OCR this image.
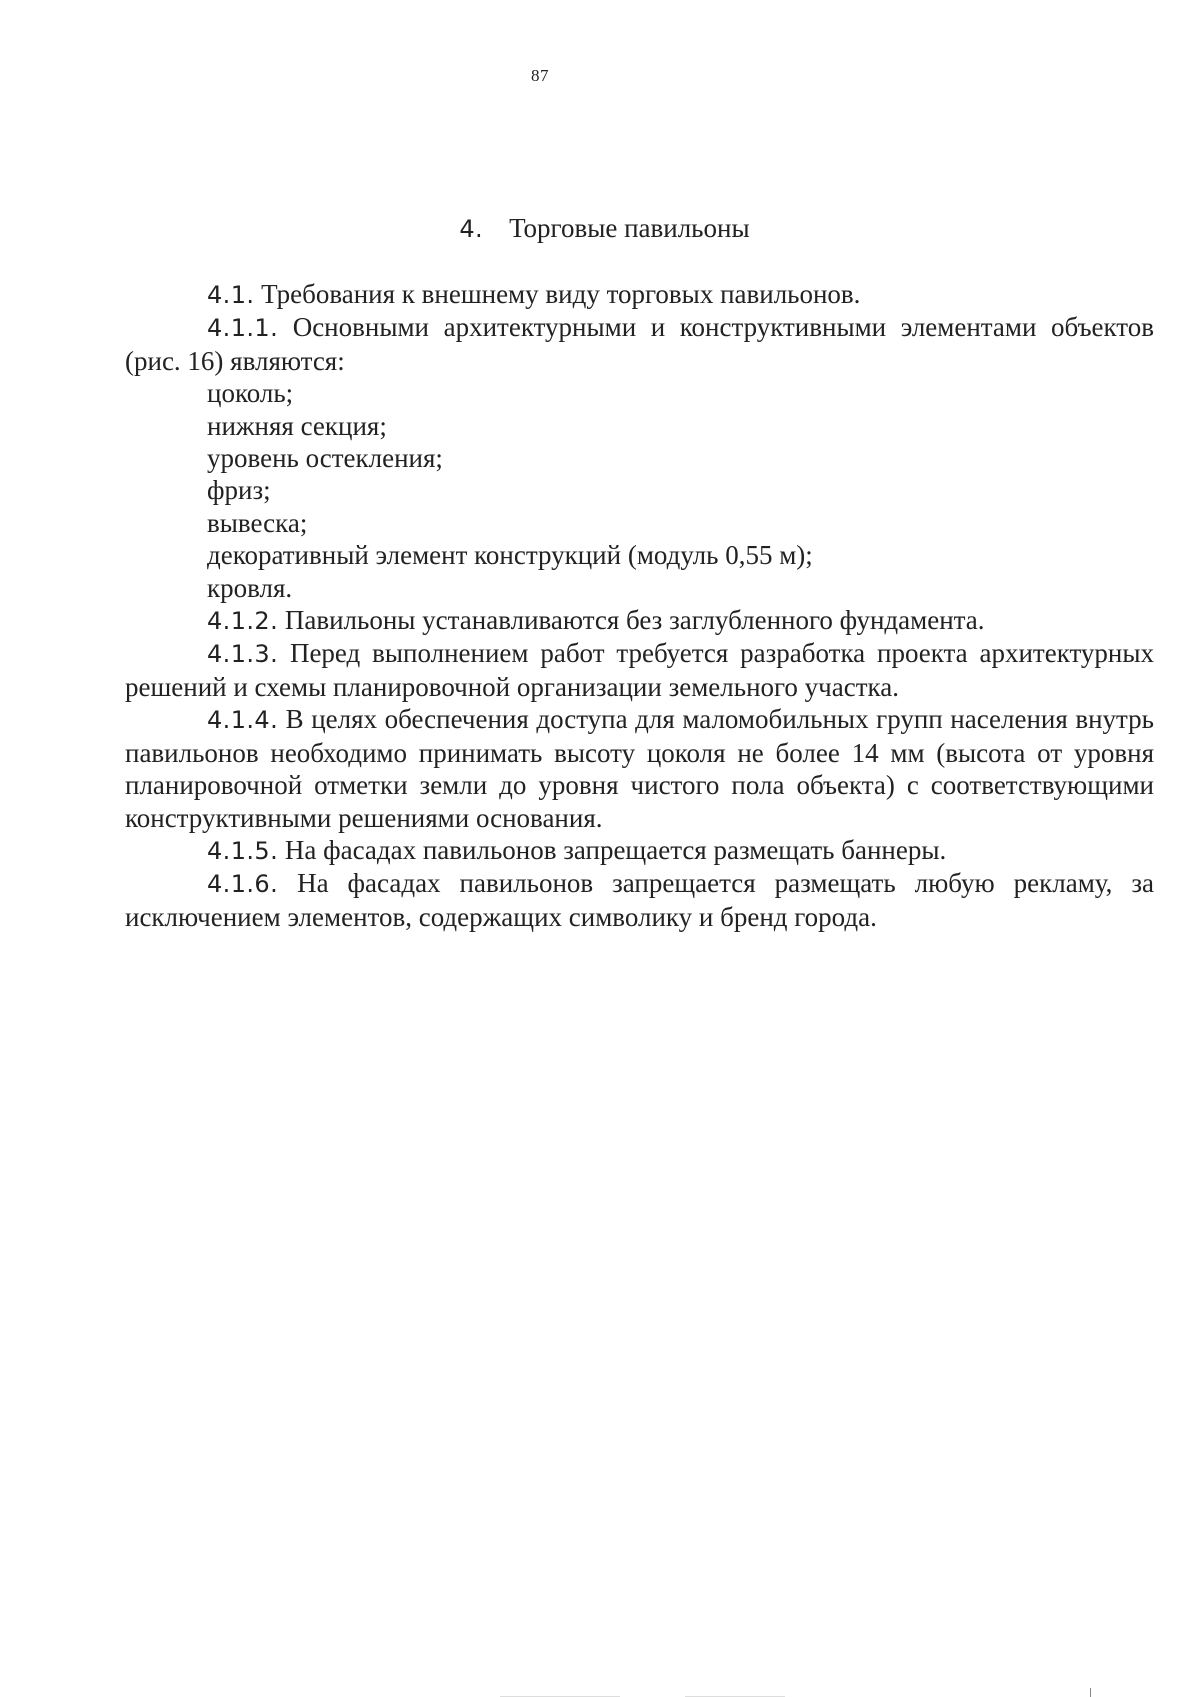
87
4. Торговые павильоны

4.1. Требования к внешнему виду торговых павильонов.

4.1.1. Основными архитектурными и конструктивными элементами объектов (рис. 16) являются:

цоколь;

нижняя секция;

уровень остекления;

фриз;

вывеска;

декоративный элемент конструкций (модуль 0,55 м);

кровля.

4.1.2. Павильоны устанавливаются без заглубленного фундамента.

4.1.3. Перед выполнением работ требуется разработка проекта архитектурных решений и схемы планировочной организации земельного участка.

4.1.4. В целях обеспечения доступа для маломобильных групп населения внутрь павильонов необходимо принимать высоту цоколя не более 14 мм (высота от уровня планировочной отметки земли до уровня чистого пола объекта) с соответствующими конструктивными решениями основания.

4.1.5. На фасадах павильонов запрещается размещать баннеры.

4.1.6. На фасадах павильонов запрещается размещать любую рекламу, за исключением элементов, содержащих символику и бренд города.
